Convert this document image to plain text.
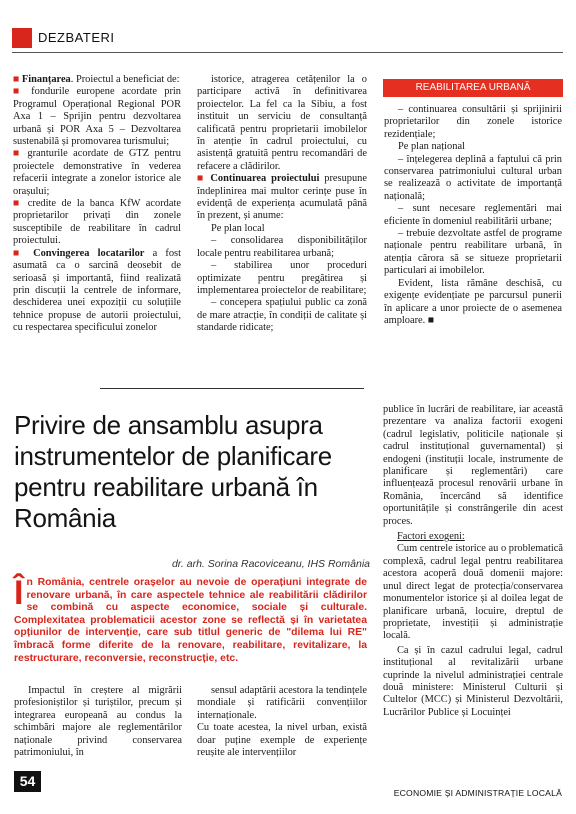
DEZBATERI

■ Finanțarea. Proiectul a beneficiat de:

■ fondurile europene acordate prin Programul Operațional Regional POR Axa 1 – Sprijin pentru dezvoltarea urbană și POR Axa 5 – Dezvoltarea sustenabilă și promovarea turismului;

■ granturile acordate de GTZ pentru proiectele demonstrative în vederea refacerii integrate a zonelor istorice ale orașului;

■ credite de la banca KfW acordate proprietarilor privați din zonele susceptibile de reabilitare în cadrul proiectului.

■ Convingerea locatarilor a fost asumată ca o sarcină deosebit de serioasă și importantă, fiind realizată prin discuții la centrele de informare, deschiderea unei expoziții cu soluțiile tehnice propuse de autorii proiectului, cu respectarea specificului zonelor

istorice, atragerea cetățenilor la o participare activă în definitivarea proiectelor. La fel ca la Sibiu, a fost instituit un serviciu de consultanță calificată pentru proprietarii imobilelor în atenție în cadrul proiectului, cu asistență gratuită pentru recomandări de refacere a clădirilor.

■ Continuarea proiectului presupune îndeplinirea mai multor cerințe puse în evidență de experiența acumulată până în prezent, și anume:

Pe plan local

– consolidarea disponibilităților locale pentru reabilitarea urbană;

– stabilirea unor proceduri optimizate pentru pregătirea și implementarea proiectelor de reabilitare;

– concepera spațiului public ca zonă de mare atracție, în condiții de calitate și standarde ridicate;

REABILITAREA URBANĂ

– continuarea consultării și sprijinirii proprietarilor din zonele istorice rezidențiale;

Pe plan național

– înțelegerea deplină a faptului că prin conservarea patrimoniului cultural urban se realizează o activitate de importanță națională;

– sunt necesare reglementări mai eficiente în domeniul reabilitării urbane;

– trebuie dezvoltate astfel de programe naționale pentru reabilitare urbană, în atenția cărora să se situeze proprietarii particulari ai imobilelor.

Evident, lista rămâne deschisă, cu exigențe evidențiate pe parcursul punerii în aplicare a unor proiecte de o asemenea amploare. ■

Privire de ansamblu asupra instrumentelor de planificare pentru reabilitare urbană în România
dr. arh. Sorina Racoviceanu, IHS România
În România, centrele orașelor au nevoie de operațiuni integrate de renovare urbană, în care aspectele tehnice ale reabilitării clădirilor se combină cu aspecte economice, sociale și culturale. Complexitatea problematicii acestor zone se reflectă și în varietatea opțiunilor de intervenție, care sub titlul generic de "dilema lui RE" îmbracă forme diferite de la renovare, reabilitare, revitalizare, la restructurare, reconversie, reconstrucție, etc.
Impactul în creștere al migrării profesioniștilor și turiștilor, precum și integrarea europeană au condus la schimbări majore ale reglementărilor naționale privind conservarea patrimoniului, în
sensul adaptării acestora la tendințele mondiale și ratificării convențiilor internaționale.
Cu toate acestea, la nivel urban, există doar puține exemple de experiențe reușite ale intervențiilor

publice în lucrări de reabilitare, iar această prezentare va analiza factorii exogeni (cadrul legislativ, politicile naționale și cadrul instituțional guvernamental) și endogeni (instituții locale, instrumente de planificare și reglementări) care influențează procesul renovării urbane în România, încercând să identifice oportunitățile și constrângerile din acest proces.

Factori exogeni:

Cum centrele istorice au o problematică complexă, cadrul legal pentru reabilitarea acestora acoperă două domenii majore: unul direct legat de protecția/conservarea monumentelor istorice și al doilea legat de planificare urbană, locuire, dreptul de proprietate, investiții și administrație locală.

Ca și în cazul cadrului legal, cadrul instituțional al revitalizării urbane cuprinde la nivelul administrației centrale două ministere: Ministerul Culturii și Cultelor (MCC) și Ministerul Dezvoltării, Lucrărilor Publice și Locuinței

54
ECONOMIE ȘI ADMINISTRAȚIE LOCALĂ
